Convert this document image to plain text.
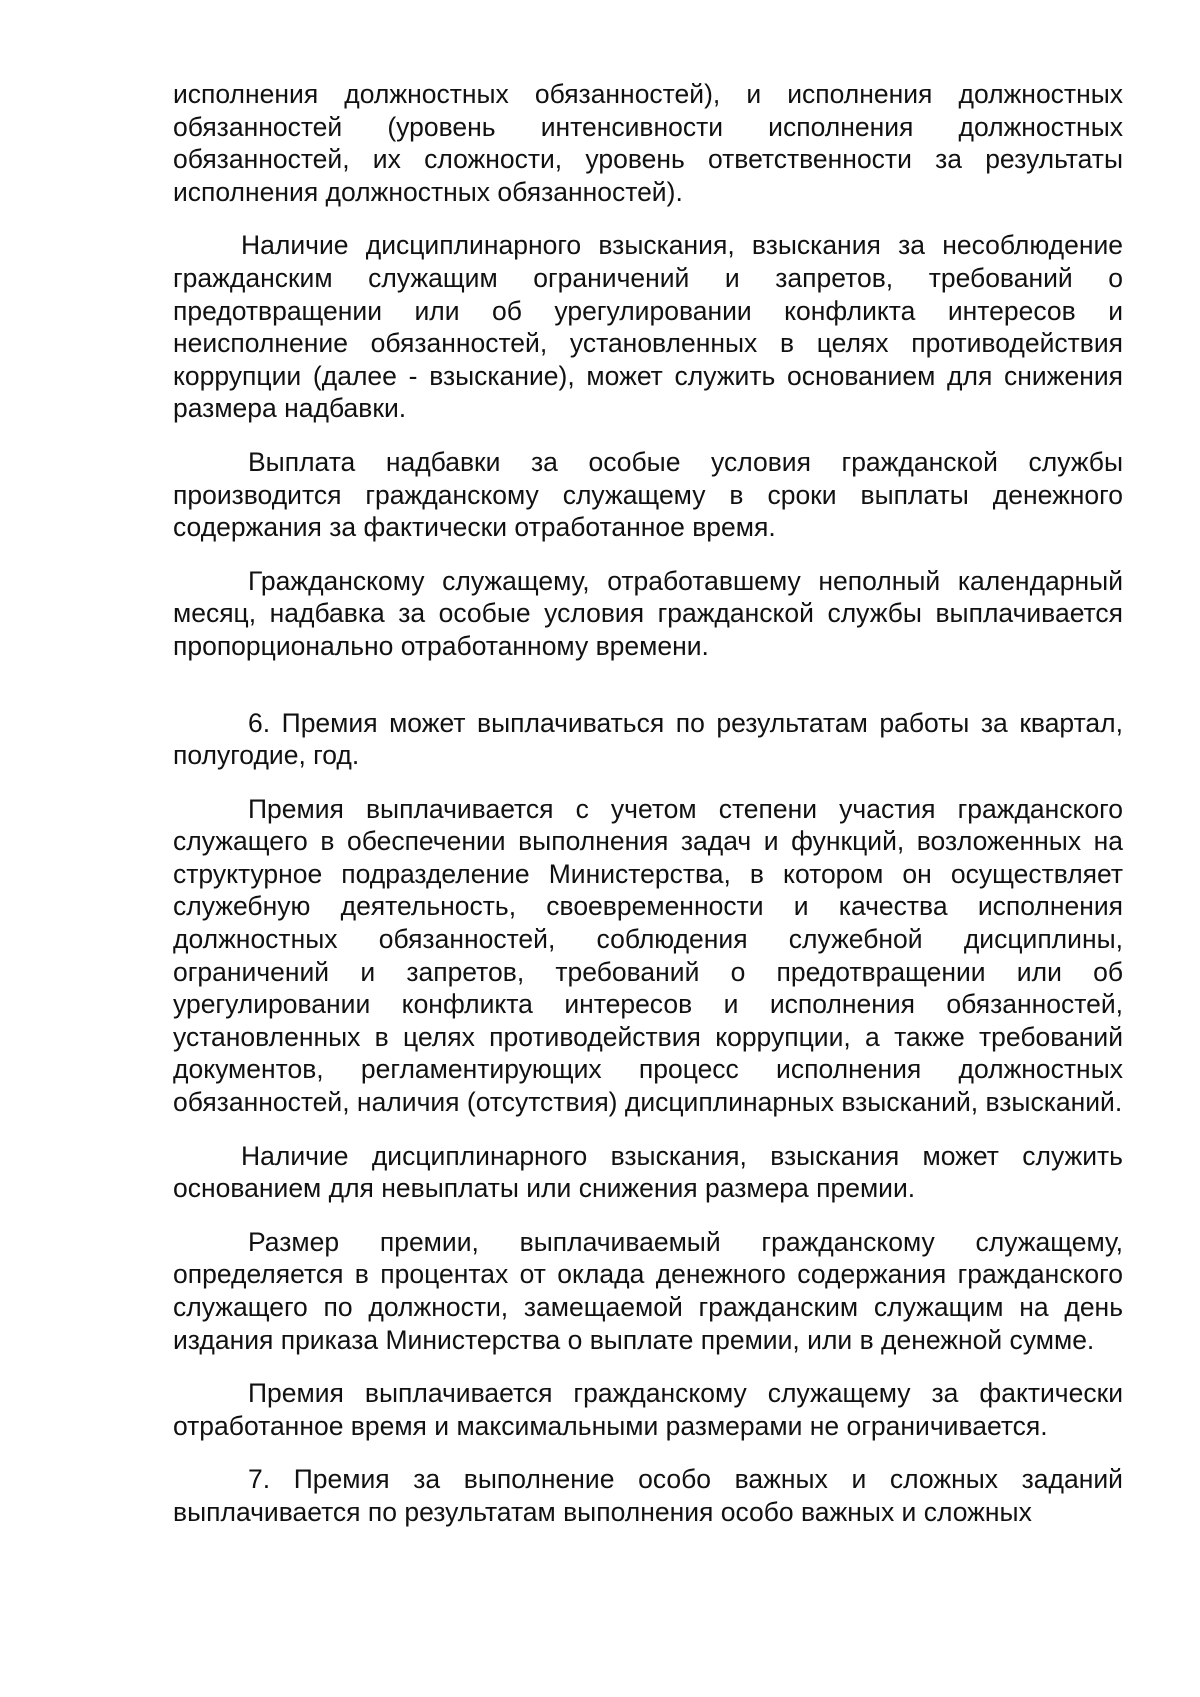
исполнения должностных обязанностей), и исполнения должностных обязанностей (уровень интенсивности исполнения должностных обязанностей, их сложности, уровень ответственности за результаты исполнения должностных обязанностей).

Наличие дисциплинарного взыскания, взыскания за несоблюдение гражданским служащим ограничений и запретов, требований о предотвращении или об урегулировании конфликта интересов и неисполнение обязанностей, установленных в целях противодействия коррупции (далее - взыскание), может служить основанием для снижения размера надбавки.

Выплата надбавки за особые условия гражданской службы производится гражданскому служащему в сроки выплаты денежного содержания за фактически отработанное время.

Гражданскому служащему, отработавшему неполный календарный месяц, надбавка за особые условия гражданской службы выплачивается пропорционально отработанному времени.

6. Премия может выплачиваться по результатам работы за квартал, полугодие, год.

Премия выплачивается с учетом степени участия гражданского служащего в обеспечении выполнения задач и функций, возложенных на структурное подразделение Министерства, в котором он осуществляет служебную деятельность, своевременности и качества исполнения должностных обязанностей, соблюдения служебной дисциплины, ограничений и запретов, требований о предотвращении или об урегулировании конфликта интересов и исполнения обязанностей, установленных в целях противодействия коррупции, а также требований документов, регламентирующих процесс исполнения должностных обязанностей, наличия (отсутствия) дисциплинарных взысканий, взысканий.

Наличие дисциплинарного взыскания, взыскания может служить основанием для невыплаты или снижения размера премии.

Размер премии, выплачиваемый гражданскому служащему, определяется в процентах от оклада денежного содержания гражданского служащего по должности, замещаемой гражданским служащим на день издания приказа Министерства о выплате премии, или в денежной сумме.

Премия выплачивается гражданскому служащему за фактически отработанное время и максимальными размерами не ограничивается.

7. Премия за выполнение особо важных и сложных заданий выплачивается по результатам выполнения особо важных и сложных
